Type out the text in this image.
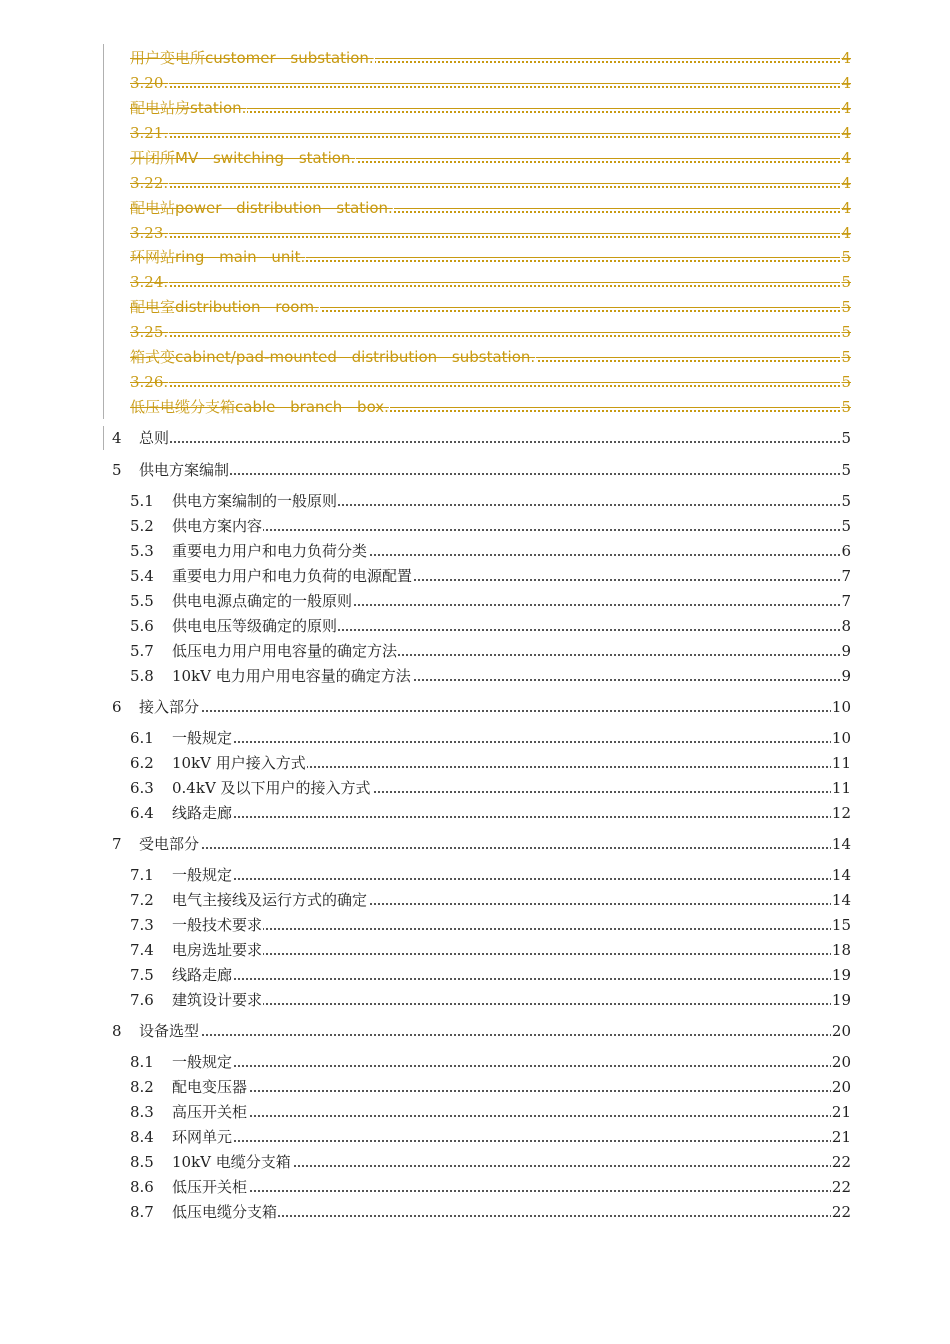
用户变电所customer substation.	4
3.20.	4
配电站房station.	4
3.21.	4
开闭所MV switching station.	4
3.22.	4
配电站power distribution station.	4
3.23.	4
环网站ring main unit.	5
3.24.	5
配电室distribution room.	5
3.25.	5
箱式变cabinet/pad-mounted distribution substation.	5
3.26.	5
低压电缆分支箱cable branch box.	5
4 总则	5
5 供电方案编制	5
5.1 供电方案编制的一般原则	5
5.2 供电方案内容	5
5.3 重要电力用户和电力负荷分类	6
5.4 重要电力用户和电力负荷的电源配置	7
5.5 供电电源点确定的一般原则	7
5.6 供电电压等级确定的原则	8
5.7 低压电力用户用电容量的确定方法	9
5.8 10kV 电力用户用电容量的确定方法	9
6 接入部分	10
6.1 一般规定	10
6.2 10kV 用户接入方式	11
6.3 0.4kV 及以下用户的接入方式	11
6.4 线路走廊	12
7 受电部分	14
7.1 一般规定	14
7.2 电气主接线及运行方式的确定	14
7.3 一般技术要求	15
7.4 电房选址要求	18
7.5 线路走廊	19
7.6 建筑设计要求	19
8 设备选型	20
8.1 一般规定	20
8.2 配电变压器	20
8.3 高压开关柜	21
8.4 环网单元	21
8.5 10kV 电缆分支箱	22
8.6 低压开关柜	22
8.7 低压电缆分支箱	22
